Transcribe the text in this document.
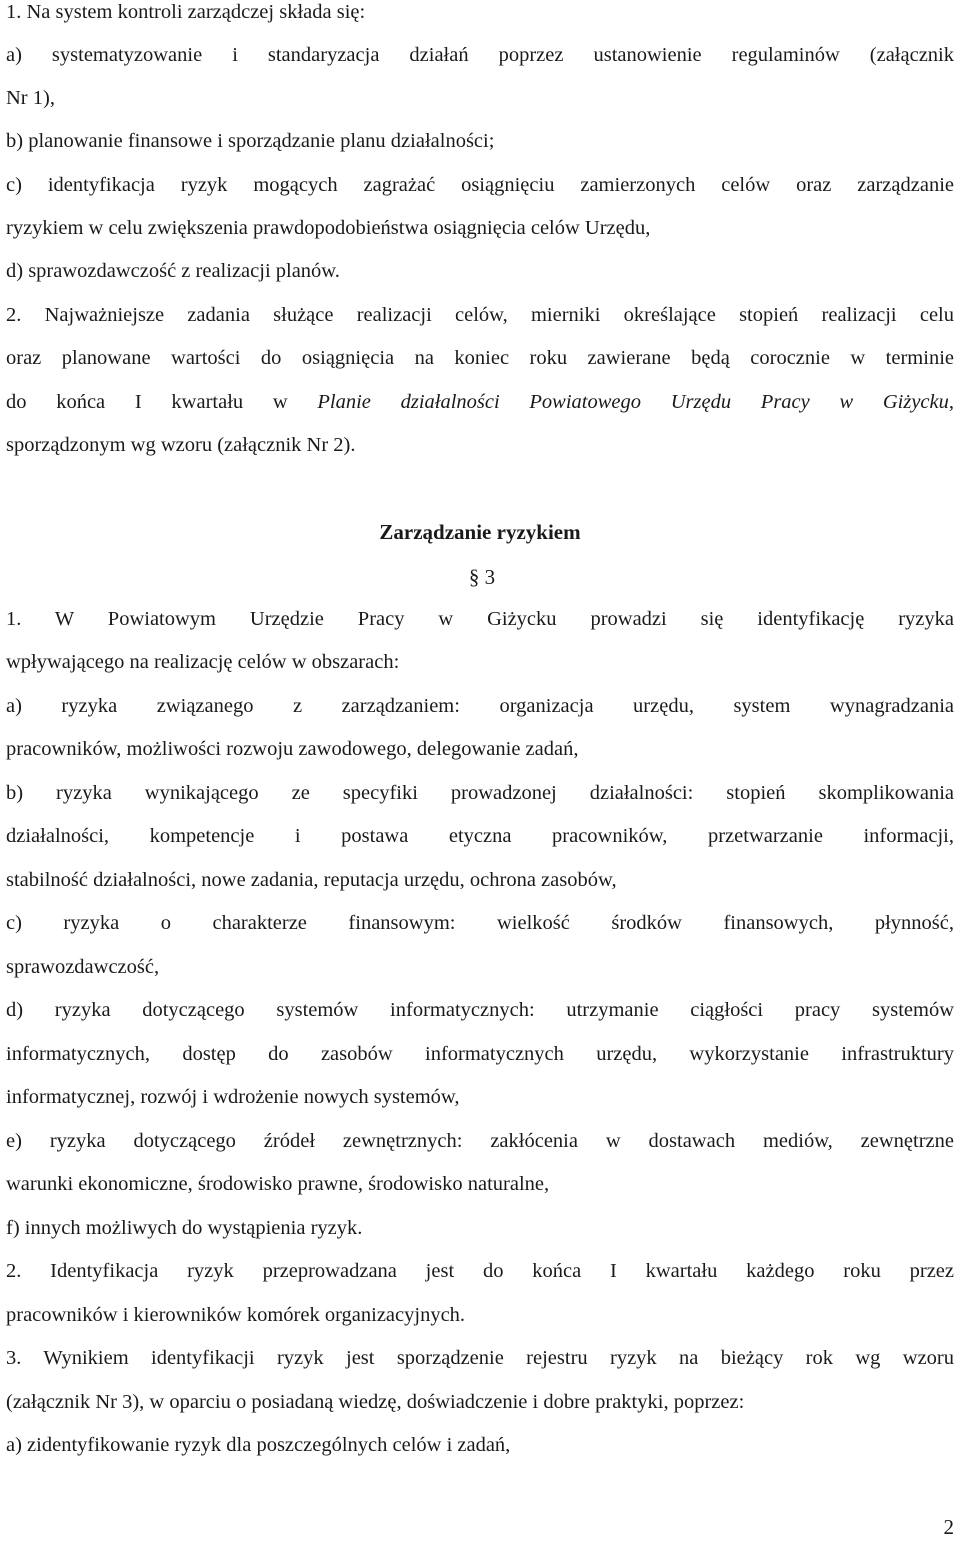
1. Na system kontroli zarządczej składa się:
a) systematyzowanie i standaryzacja działań poprzez ustanowienie regulaminów (załącznik
Nr 1),
b) planowanie finansowe i sporządzanie planu działalności;
c) identyfikacja ryzyk mogących zagrażać osiągnięciu zamierzonych celów oraz zarządzanie
ryzykiem w celu zwiększenia prawdopodobieństwa osiągnięcia celów Urzędu,
d) sprawozdawczość z realizacji planów.
2. Najważniejsze zadania służące realizacji celów, mierniki określające stopień realizacji celu
oraz planowane wartości do osiągnięcia na koniec roku zawierane będą corocznie w terminie
do końca I kwartału w Planie działalności Powiatowego Urzędu Pracy w Giżycku,
sporządzonym wg wzoru (załącznik Nr 2).
Zarządzanie ryzykiem
§ 3
1. W Powiatowym Urzędzie Pracy w Giżycku prowadzi się identyfikację ryzyka
wpływającego na realizację celów w obszarach:
a) ryzyka związanego z zarządzaniem: organizacja urzędu, system wynagradzania
pracowników, możliwości rozwoju zawodowego, delegowanie zadań,
b) ryzyka wynikającego ze specyfiki prowadzonej działalności: stopień skomplikowania
działalności, kompetencje i postawa etyczna pracowników, przetwarzanie informacji,
stabilność działalności, nowe zadania, reputacja urzędu, ochrona zasobów,
c) ryzyka o charakterze finansowym: wielkość środków finansowych, płynność,
sprawozdawczość,
d) ryzyka dotyczącego systemów informatycznych: utrzymanie ciągłości pracy systemów
informatycznych, dostęp do zasobów informatycznych urzędu, wykorzystanie infrastruktury
informatycznej, rozwój i wdrożenie nowych systemów,
e) ryzyka dotyczącego źródeł zewnętrznych: zakłócenia w dostawach mediów, zewnętrzne
warunki ekonomiczne, środowisko prawne, środowisko naturalne,
f) innych możliwych do wystąpienia ryzyk.
2. Identyfikacja ryzyk przeprowadzana jest do końca I kwartału każdego roku przez
pracowników i kierowników komórek organizacyjnych.
3. Wynikiem identyfikacji ryzyk jest sporządzenie rejestru ryzyk na bieżący rok wg wzoru
(załącznik Nr 3), w oparciu o posiadaną wiedzę, doświadczenie i dobre praktyki, poprzez:
a) zidentyfikowanie ryzyk dla poszczególnych celów i zadań,
2
